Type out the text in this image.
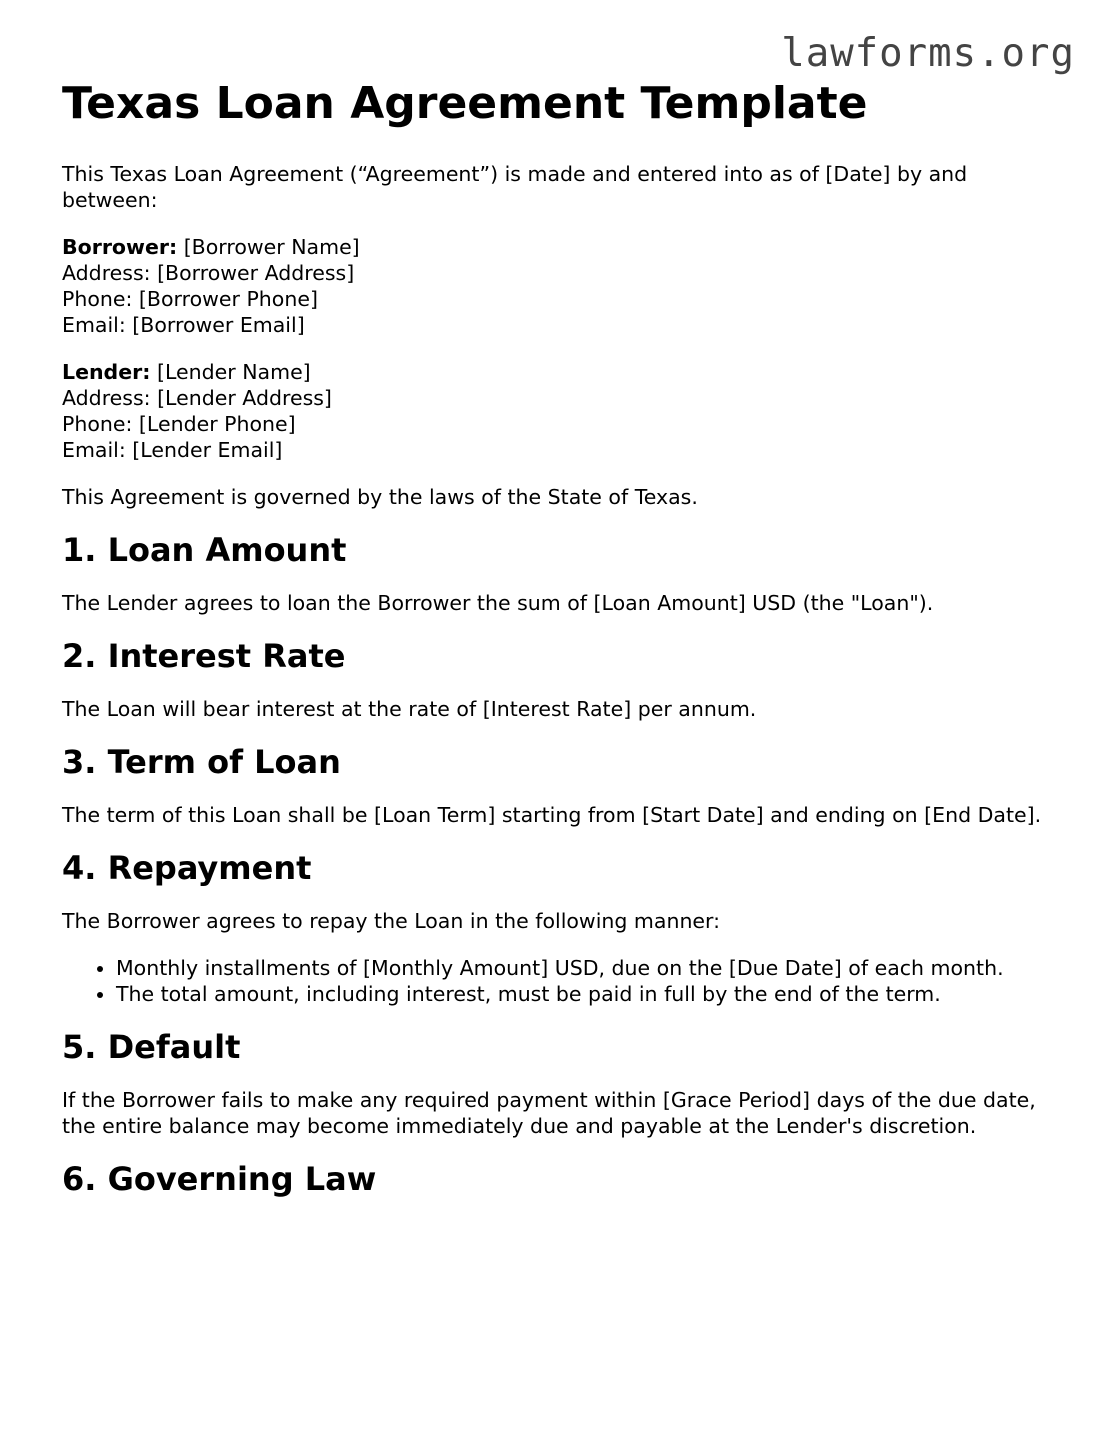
lawforms.org
Texas Loan Agreement Template

This Texas Loan Agreement (“Agreement”) is made and entered into as of [Date] by and between:

Borrower: [Borrower Name]
Address: [Borrower Address]
Phone: [Borrower Phone]
Email: [Borrower Email]
Lender: [Lender Name]
Address: [Lender Address]
Phone: [Lender Phone]
Email: [Lender Email]

This Agreement is governed by the laws of the State of Texas.

1. Loan Amount

The Lender agrees to loan the Borrower the sum of [Loan Amount] USD (the "Loan").

2. Interest Rate

The Loan will bear interest at the rate of [Interest Rate] per annum.

3. Term of Loan

The term of this Loan shall be [Loan Term] starting from [Start Date] and ending on [End Date].

4. Repayment

The Borrower agrees to repay the Loan in the following manner:

• Monthly installments of [Monthly Amount] USD, due on the [Due Date] of each month.
• The total amount, including interest, must be paid in full by the end of the term.
5. Default

If the Borrower fails to make any required payment within [Grace Period] days of the due date, the entire balance may become immediately due and payable at the Lender's discretion.

6. Governing Law
